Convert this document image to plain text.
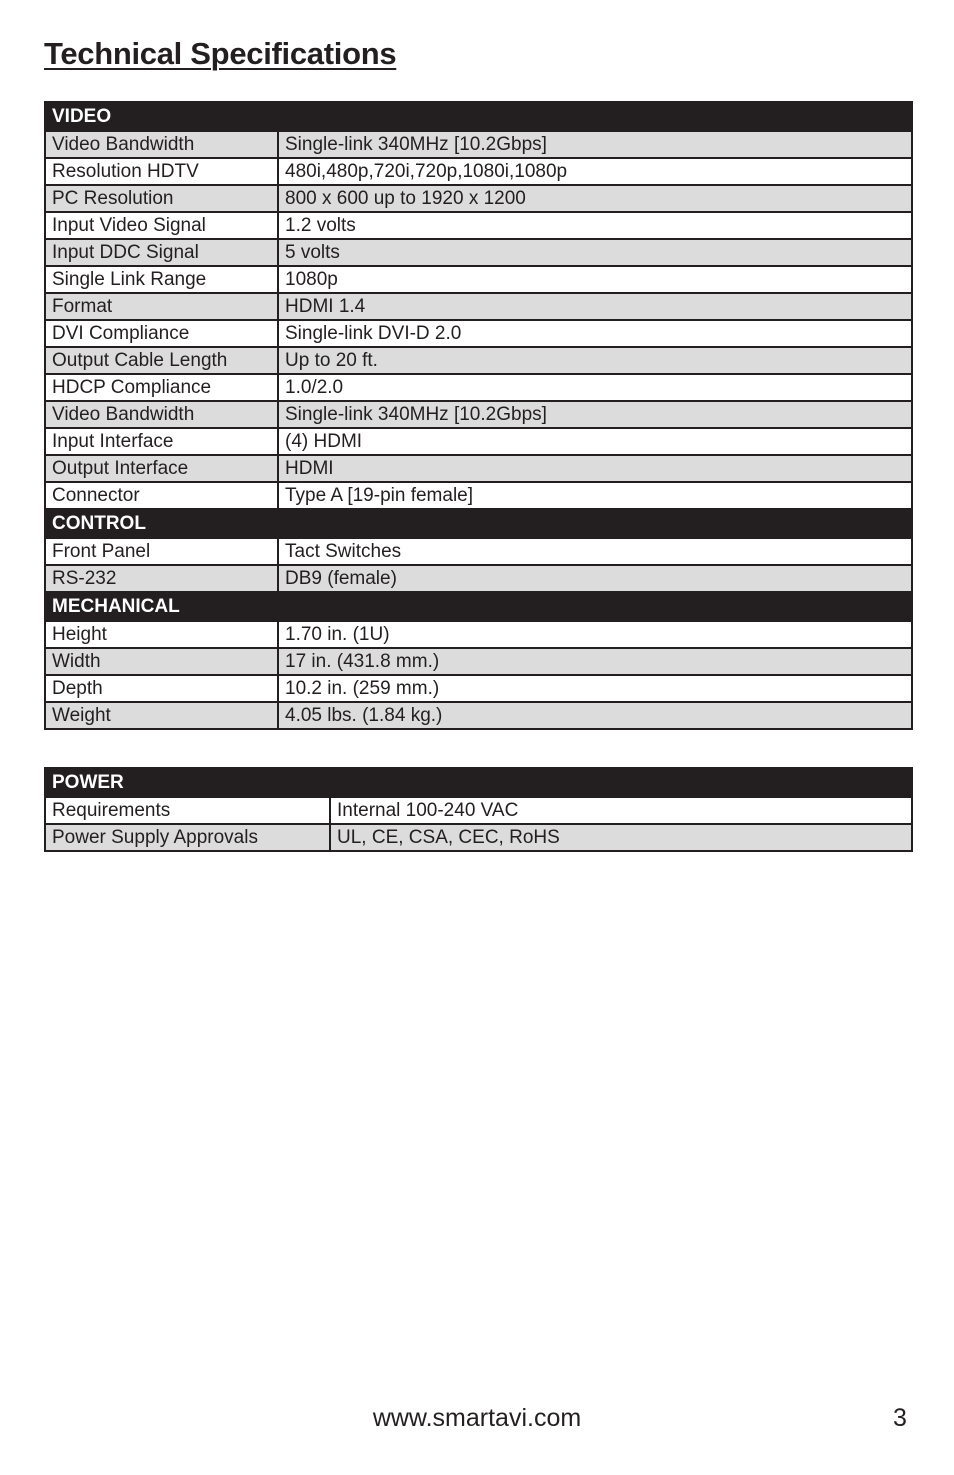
Technical Specifications
VIDEO	
Video Bandwidth	Single-link 340MHz [10.2Gbps]
Resolution HDTV	480i,480p,720i,720p,1080i,1080p
PC Resolution	800 x 600 up to 1920 x 1200
Input Video Signal	1.2 volts
Input DDC Signal	5 volts
Single Link Range	1080p
Format	HDMI 1.4
DVI Compliance	Single-link DVI-D 2.0
Output Cable Length	Up to 20 ft.
HDCP Compliance	1.0/2.0
Video Bandwidth	Single-link 340MHz [10.2Gbps]
Input Interface	(4) HDMI
Output Interface	HDMI
Connector	Type A [19-pin female]
CONTROL	
Front Panel	Tact Switches
RS-232	DB9 (female)
MECHANICAL	
Height	1.70 in. (1U)
Width	17 in. (431.8 mm.)
Depth	10.2 in. (259 mm.)
Weight	4.05 lbs. (1.84 kg.)
POWER	
Requirements	Internal 100-240 VAC
Power Supply Approvals	UL, CE, CSA, CEC, RoHS
www.smartavi.com	3
